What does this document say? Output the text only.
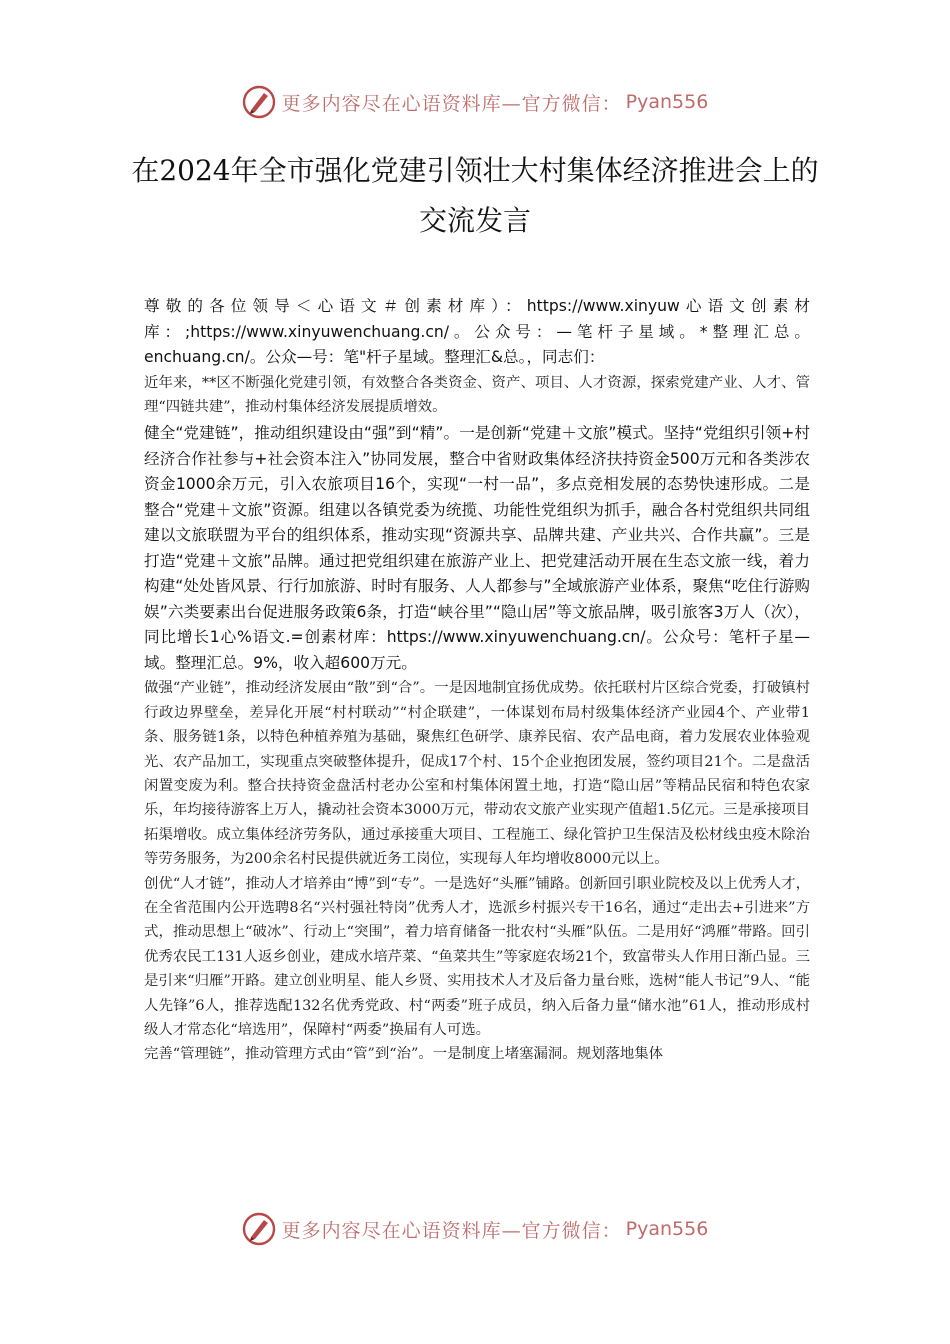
更多内容尽在心语资料库—官方微信： Pyan556
在2024年全市强化党建引领壮大村集体经济推进会上的交流发言

尊敬的各位领导＜心语文＃创素材库）：https://www.xinyuw心语文创素材库：;https://www.xinyuwenchuang.cn/。公众号：—笔杆子星域。*整理汇总。enchuang.cn/。公众—号：笔"杆子星域。整理汇&总。，同志们：

近年来，**区不断强化党建引领，有效整合各类资金、资产、项目、人才资源，探索党建产业、人才、管理“四链共建”，推动村集体经济发展提质增效。

健全“党建链”，推动组织建设由“强”到“精”。一是创新“党建＋文旅”模式。坚持“党组织引领+村经济合作社参与+社会资本注入”协同发展，整合中省财政集体经济扶持资金500万元和各类涉农资金1000余万元，引入农旅项目16个，实现“一村一品”，多点竞相发展的态势快速形成。二是整合“党建＋文旅”资源。组建以各镇党委为统揽、功能性党组织为抓手，融合各村党组织共同组建以文旅联盟为平台的组织体系，推动实现“资源共享、品牌共建、产业共兴、合作共赢”。三是打造“党建＋文旅”品牌。通过把党组织建在旅游产业上、把党建活动开展在生态文旅一线，着力构建“处处皆风景、行行加旅游、时时有服务、人人都参与”全域旅游产业体系，聚焦“吃住行游购娱”六类要素出台促进服务政策6条，打造“峡谷里”“隐山居”等文旅品牌，吸引旅客3万人（次），同比增长1心%语文.=创素材库：https://www.xinyuwenchuang.cn/。公众号：笔杆子星—域。整理汇总。9%，收入超600万元。

做强“产业链”，推动经济发展由“散”到“合”。一是因地制宜扬优成势。依托联村片区综合党委，打破镇村行政边界壁垒，差异化开展“村村联动”“村企联建”，一体谋划布局村级集体经济产业园4个、产业带1条、服务链1条，以特色种植养殖为基础，聚焦红色研学、康养民宿、农产品电商，着力发展农业体验观光、农产品加工，实现重点突破整体提升，促成17个村、15个企业抱团发展，签约项目21个。二是盘活闲置变废为利。整合扶持资金盘活村老办公室和村集体闲置土地，打造“隐山居”等精品民宿和特色农家乐，年均接待游客上万人，撬动社会资本3000万元，带动农文旅产业实现产值超1.5亿元。三是承接项目拓渠增收。成立集体经济劳务队，通过承接重大项目、工程施工、绿化管护卫生保洁及松材线虫疫木除治等劳务服务，为200余名村民提供就近务工岗位，实现每人年均增收8000元以上。

创优“人才链”，推动人才培养由“博”到“专”。一是选好“头雁”铺路。创新回引职业院校及以上优秀人才，在全省范围内公开选聘8名“兴村强社特岗”优秀人才，选派乡村振兴专干16名，通过“走出去+引进来”方式，推动思想上“破冰”、行动上“突围”，着力培育储备一批农村“头雁”队伍。二是用好“鸿雁”带路。回引优秀农民工131人返乡创业，建成水培芹菜、“鱼菜共生”等家庭农场21个，致富带头人作用日渐凸显。三是引来“归雁”开路。建立创业明星、能人乡贤、实用技术人才及后备力量台账，选树“能人书记”9人、“能人先锋”6人，推荐选配132名优秀党政、村“两委”班子成员，纳入后备力量“储水池”61人，推动形成村级人才常态化“培选用”，保障村“两委”换届有人可选。

完善“管理链”，推动管理方式由“管”到“治”。一是制度上堵塞漏洞。规划落地集体

更多内容尽在心语资料库—官方微信： Pyan556
